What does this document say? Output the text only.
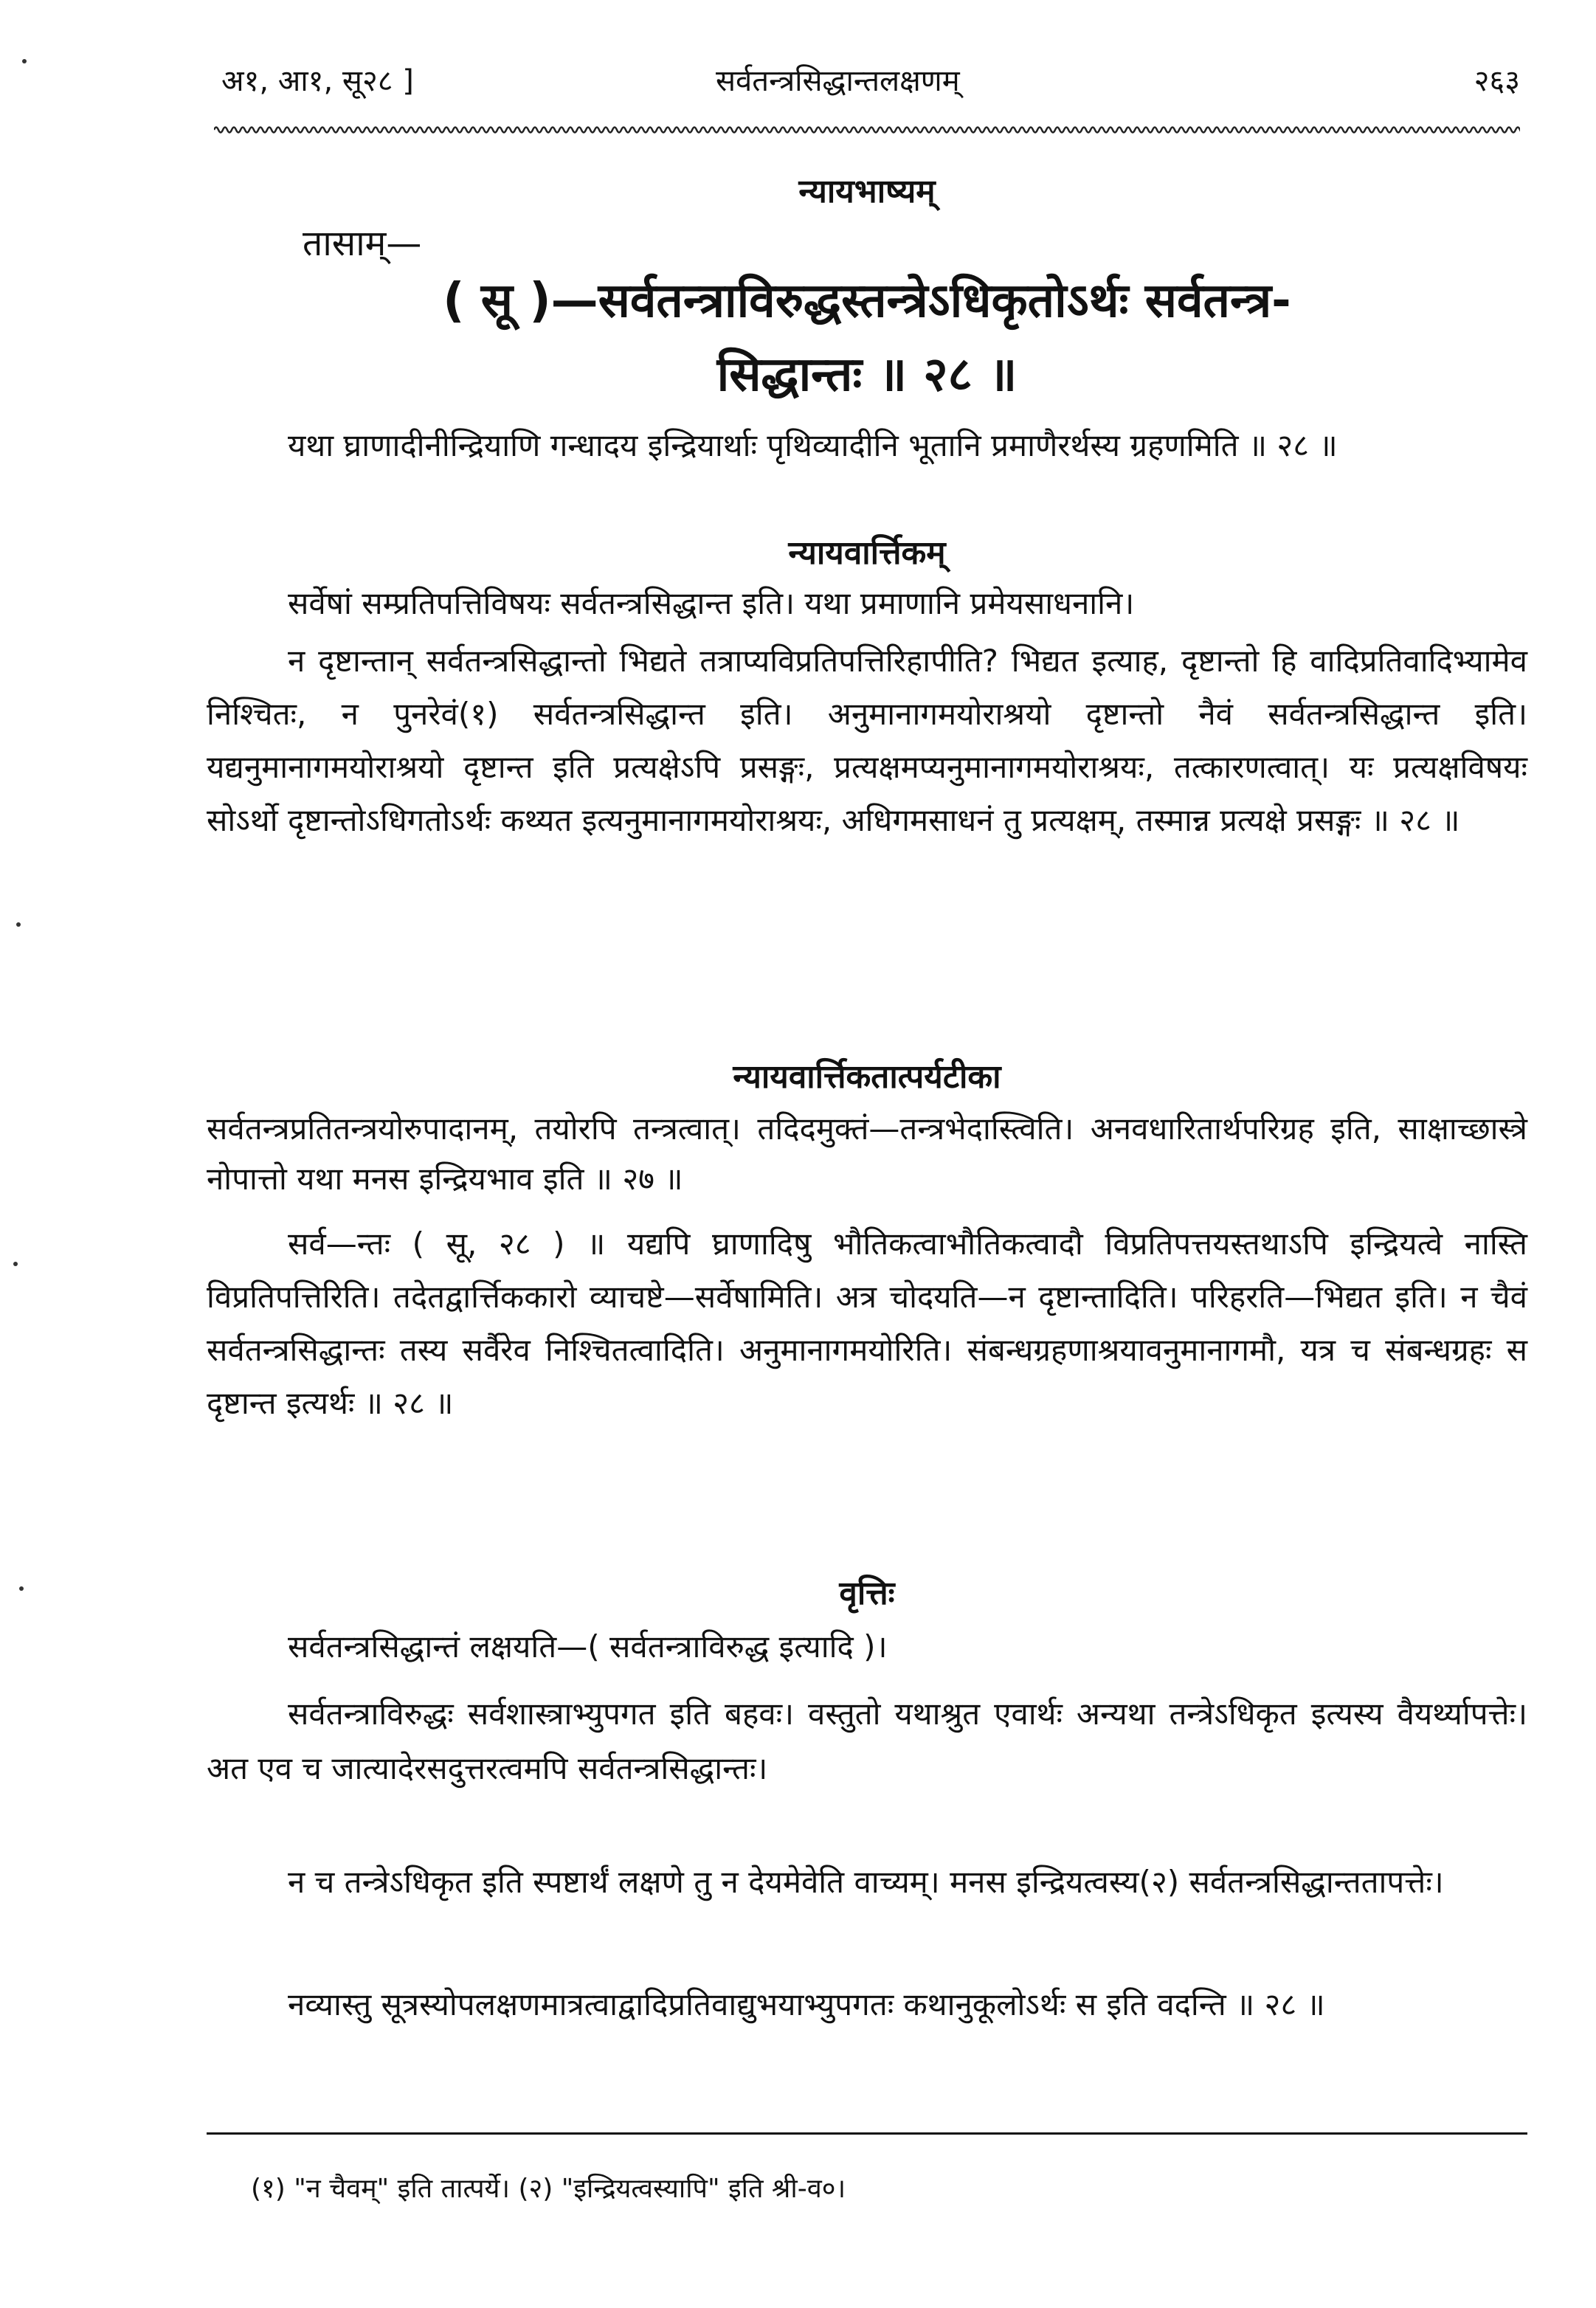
अ१, आ१, सू२८ ]	सर्वतन्त्रसिद्धान्तलक्षणम्	२६३
न्यायभाष्यम्
तासाम्—
( सू )—सर्वतन्त्राविरुद्धस्तन्त्रेऽधिकृतोऽर्थः सर्वतन्त्र-
सिद्धान्तः ॥ २८ ॥
यथा घ्राणादीनीन्द्रियाणि गन्धादय इन्द्रियार्थाः पृथिव्यादीनि भूतानि प्रमाणैरर्थस्य ग्रहणमिति ॥ २८ ॥
न्यायवार्त्तिकम्
सर्वेषां सम्प्रतिपत्तिविषयः सर्वतन्त्रसिद्धान्त इति। यथा प्रमाणानि प्रमेयसाधनानि।
न दृष्टान्तान् सर्वतन्त्रसिद्धान्तो भिद्यते तत्राप्यविप्रतिपत्तिरिहापीति? भिद्यत इत्याह, दृष्टान्तो हि वादिप्रतिवादिभ्यामेव निश्चितः, न पुनरेवं(१) सर्वतन्त्रसिद्धान्त इति। अनुमानागमयोराश्रयो दृष्टान्तो नैवं सर्वतन्त्रसिद्धान्त इति। यद्यनुमानागमयोराश्रयो दृष्टान्त इति प्रत्यक्षेऽपि प्रसङ्गः, प्रत्यक्षमप्यनुमानागमयोराश्रयः, तत्कारणत्वात्। यः प्रत्यक्षविषयः सोऽर्थो दृष्टान्तोऽधिगतोऽर्थः कथ्यत इत्यनुमानागमयोराश्रयः, अधिगमसाधनं तु प्रत्यक्षम्, तस्मान्न प्रत्यक्षे प्रसङ्गः ॥ २८ ॥
न्यायवार्त्तिकतात्पर्यटीका
सर्वतन्त्रप्रतितन्त्रयोरुपादानम्, तयोरपि तन्त्रत्वात्। तदिदमुक्तं—तन्त्रभेदास्त्विति। अनवधारितार्थपरिग्रह इति, साक्षाच्छास्त्रे नोपात्तो यथा मनस इन्द्रियभाव इति ॥ २७ ॥
सर्व—न्तः ( सू, २८ ) ॥ यद्यपि घ्राणादिषु भौतिकत्वाभौतिकत्वादौ विप्रतिपत्तयस्तथाऽपि इन्द्रियत्वे नास्ति विप्रतिपत्तिरिति। तदेतद्वार्त्तिककारो व्याचष्टे—सर्वेषामिति। अत्र चोदयति—न दृष्टान्तादिति। परिहरति—भिद्यत इति। न चैवं सर्वतन्त्रसिद्धान्तः तस्य सर्वैरेव निश्चितत्वादिति। अनुमानागमयोरिति। संबन्धग्रहणाश्रयावनुमानागमौ, यत्र च संबन्धग्रहः स दृष्टान्त इत्यर्थः ॥ २८ ॥
वृत्तिः
सर्वतन्त्रसिद्धान्तं लक्षयति—( सर्वतन्त्राविरुद्ध इत्यादि )।
सर्वतन्त्राविरुद्धः सर्वशास्त्राभ्युपगत इति बहवः। वस्तुतो यथाश्रुत एवार्थः अन्यथा तन्त्रेऽधिकृत इत्यस्य वैयर्थ्यापत्तेः। अत एव च जात्यादेरसदुत्तरत्वमपि सर्वतन्त्रसिद्धान्तः।
न च तन्त्रेऽधिकृत इति स्पष्टार्थं लक्षणे तु न देयमेवेति वाच्यम्। मनस इन्द्रियत्वस्य(२) सर्वतन्त्रसिद्धान्ततापत्तेः।
नव्यास्तु सूत्रस्योपलक्षणमात्रत्वाद्वादिप्रतिवाद्युभयाभ्युपगतः कथानुकूलोऽर्थः स इति वदन्ति ॥ २८ ॥
(१) "न चैवम्" इति तात्पर्ये। (२) "इन्द्रियत्वस्यापि" इति श्री-व०।
